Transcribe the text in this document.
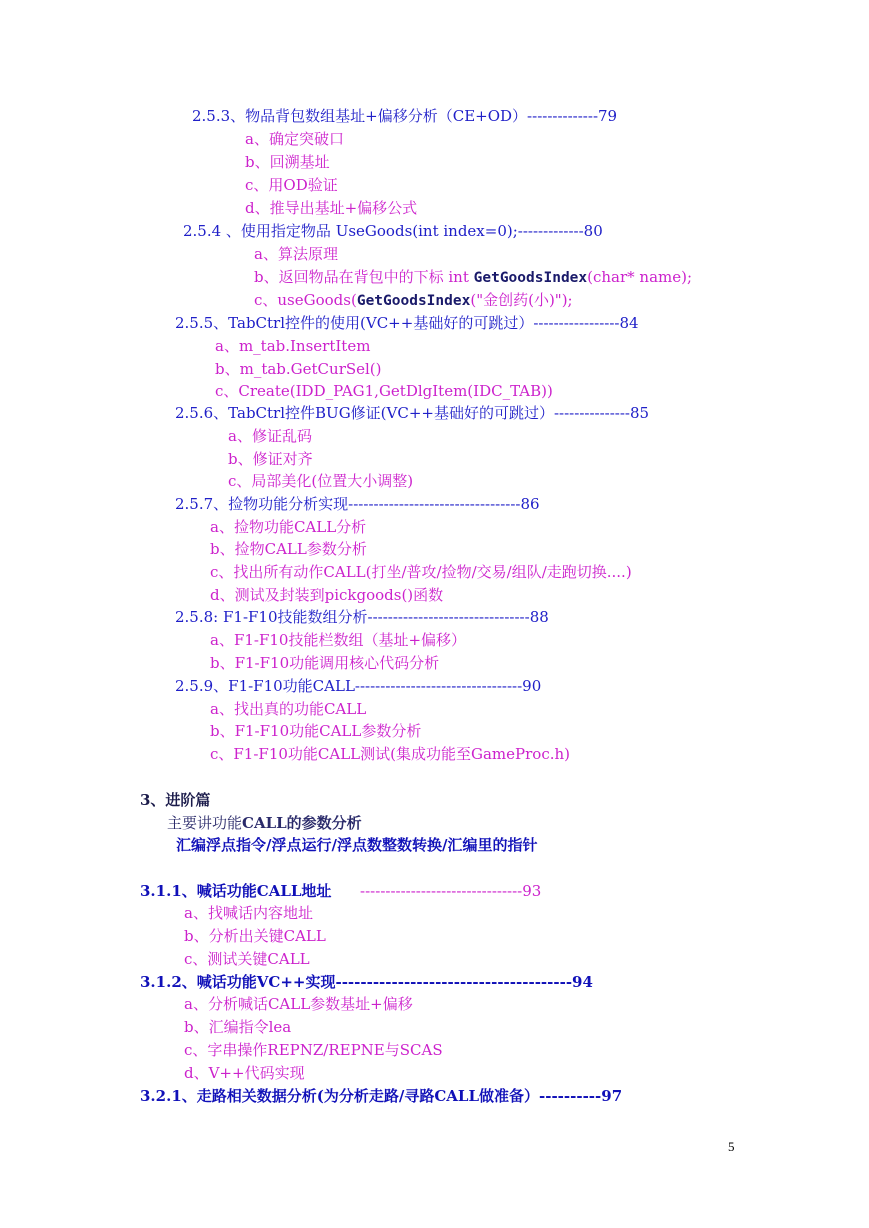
2.5.3、物品背包数组基址+偏移分析（CE+OD）--------------79
a、确定突破口
b、回溯基址
c、用OD验证
d、推导出基址+偏移公式
2.5.4 、使用指定物品 UseGoods(int index=0);-------------80
a、算法原理
b、返回物品在背包中的下标 int GetGoodsIndex(char* name);
c、useGoods(GetGoodsIndex("金创药(小)");
2.5.5、TabCtrl控件的使用(VC++基础好的可跳过）-----------------84
a、m_tab.InsertItem
b、m_tab.GetCurSel()
c、Create(IDD_PAG1,GetDlgItem(IDC_TAB))
2.5.6、TabCtrl控件BUG修证(VC++基础好的可跳过）---------------85
a、修证乱码
b、修证对齐
c、局部美化(位置大小调整)
2.5.7、捡物功能分析实现----------------------------------86
a、捡物功能CALL分析
b、捡物CALL参数分析
c、找出所有动作CALL(打坐/普攻/捡物/交易/组队/走跑切换....)
d、测试及封装到pickgoods()函数
2.5.8: F1-F10技能数组分析--------------------------------88
a、F1-F10技能栏数组（基址+偏移）
b、F1-F10功能调用核心代码分析
2.5.9、F1-F10功能CALL---------------------------------90
a、找出真的功能CALL
b、F1-F10功能CALL参数分析
c、F1-F10功能CALL测试(集成功能至GameProc.h)
3、进阶篇
主要讲功能CALL的参数分析
汇编浮点指令/浮点运行/浮点数整数转换/汇编里的指针
3.1.1、喊话功能CALL地址      --------------------------------93
a、找喊话内容地址
b、分析出关键CALL
c、测试关键CALL
3.1.2、喊话功能VC++实现--------------------------------------94
a、分析喊话CALL参数基址+偏移
b、汇编指令lea
c、字串操作REPNZ/REPNE与SCAS
d、V++代码实现
3.2.1、走路相关数据分析(为分析走路/寻路CALL做准备）----------97
5
